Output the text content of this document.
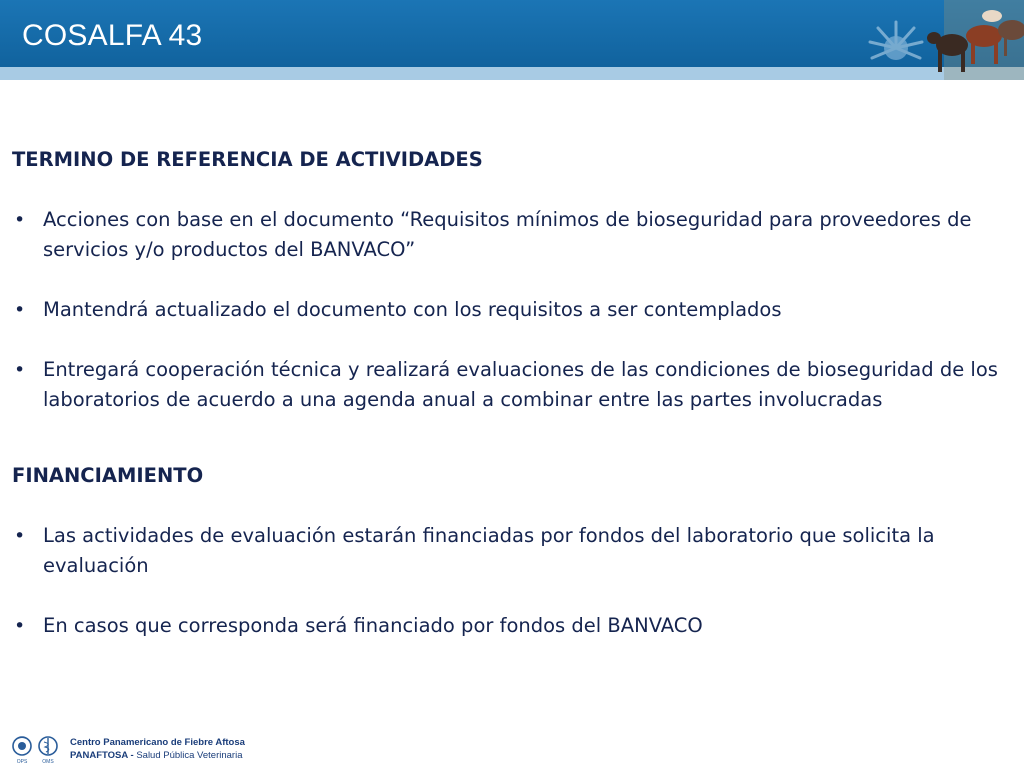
COSALFA 43

TERMINO DE REFERENCIA DE ACTIVIDADES

• Acciones con base en el documento “Requisitos mínimos de bioseguridad para proveedores de servicios y/o productos del BANVACO”
• Mantendrá actualizado el documento con los requisitos a ser contemplados
• Entregará cooperación técnica y realizará evaluaciones de las condiciones de bioseguridad de los laboratorios de acuerdo a una agenda anual a combinar entre las partes involucradas

FINANCIAMIENTO

• Las actividades de evaluación estarán financiadas por fondos del laboratorio que solicita la evaluación
• En casos que corresponda será financiado por fondos del BANVACO
OPS	OMS
Centro Panamericano de Fiebre Aftosa
PANAFTOSA - Salud Pública Veterinaria
